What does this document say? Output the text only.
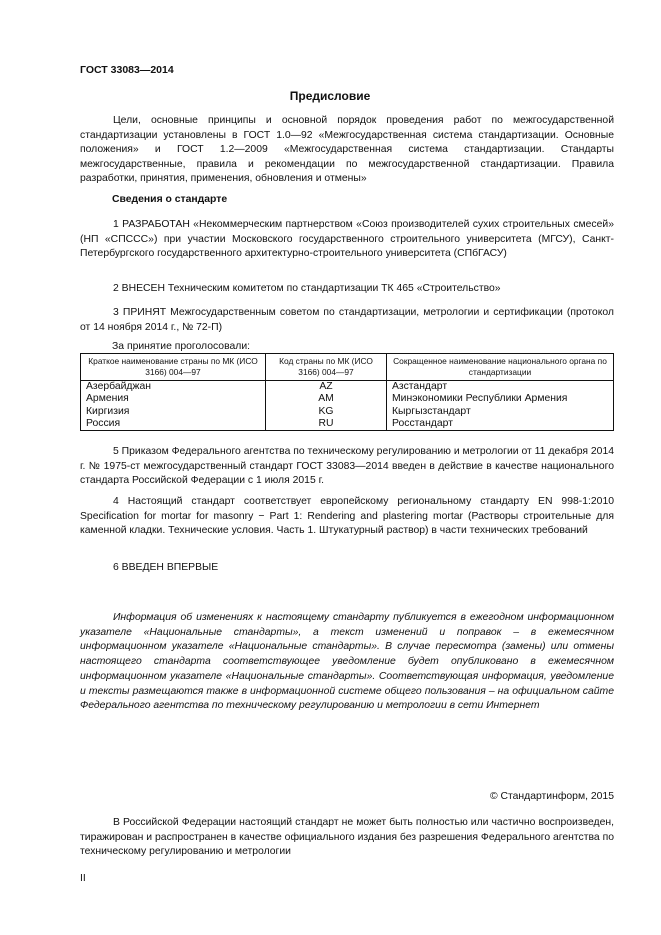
ГОСТ 33083—2014
Предисловие

Цели, основные принципы и основной порядок проведения работ по межгосударственной стандартизации установлены в ГОСТ 1.0—92 «Межгосударственная система стандартизации. Основные положения» и ГОСТ 1.2—2009 «Межгосударственная система стандартизации. Стандарты межгосударственные, правила и рекомендации по межгосударственной стандартизации. Правила разработки, принятия, применения, обновления и отмены»

Сведения о стандарте

1 РАЗРАБОТАН «Некоммерческим партнерством «Союз производителей сухих строительных смесей» (НП «СПССС») при участии Московского государственного строительного университета (МГСУ), Санкт-Петербургского государственного архитектурно-строительного университета (СПбГАСУ)

2 ВНЕСЕН Техническим комитетом по стандартизации ТК 465 «Строительство»

3 ПРИНЯТ Межгосударственным советом по стандартизации, метрологии и сертификации (протокол от 14 ноября 2014 г., № 72-П)

За принятие проголосовали:
Краткое наименование страны по МК (ИСО 3166) 004—97	Код страны по МК (ИСО 3166) 004—97	Сокращенное наименование национального органа по стандартизации
Азербайджан	AZ	Азстандарт
Армения	AM	Минэкономики Республики Армения
Киргизия	KG	Кыргызстандарт
Россия	RU	Росстандарт

5 Приказом Федерального агентства по техническому регулированию и метрологии от 11 декабря 2014 г. № 1975-ст межгосударственный стандарт ГОСТ 33083—2014 введен в действие в качестве национального стандарта Российской Федерации с 1 июля 2015 г.

4 Настоящий стандарт соответствует европейскому региональному стандарту EN 998-1:2010 Specification for mortar for masonry − Part 1: Rendering and plastering mortar (Растворы строительные для каменной кладки. Технические условия. Часть 1. Штукатурный раствор) в части технических требований

6 ВВЕДЕН ВПЕРВЫЕ

Информация об изменениях к настоящему стандарту публикуется в ежегодном информационном указателе «Национальные стандарты», а текст изменений и поправок – в ежемесячном информационном указателе «Национальные стандарты». В случае пересмотра (замены) или отмены настоящего стандарта соответствующее уведомление будет опубликовано в ежемесячном информационном указателе «Национальные стандарты». Соответствующая информация, уведомление и тексты размещаются также в информационной системе общего пользования – на официальном сайте Федерального агентства по техническому регулированию и метрологии в сети Интернет

© Стандартинформ, 2015

В Российской Федерации настоящий стандарт не может быть полностью или частично воспроизведен, тиражирован и распространен в качестве официального издания без разрешения Федерального агентства по техническому регулированию и метрологии

II
